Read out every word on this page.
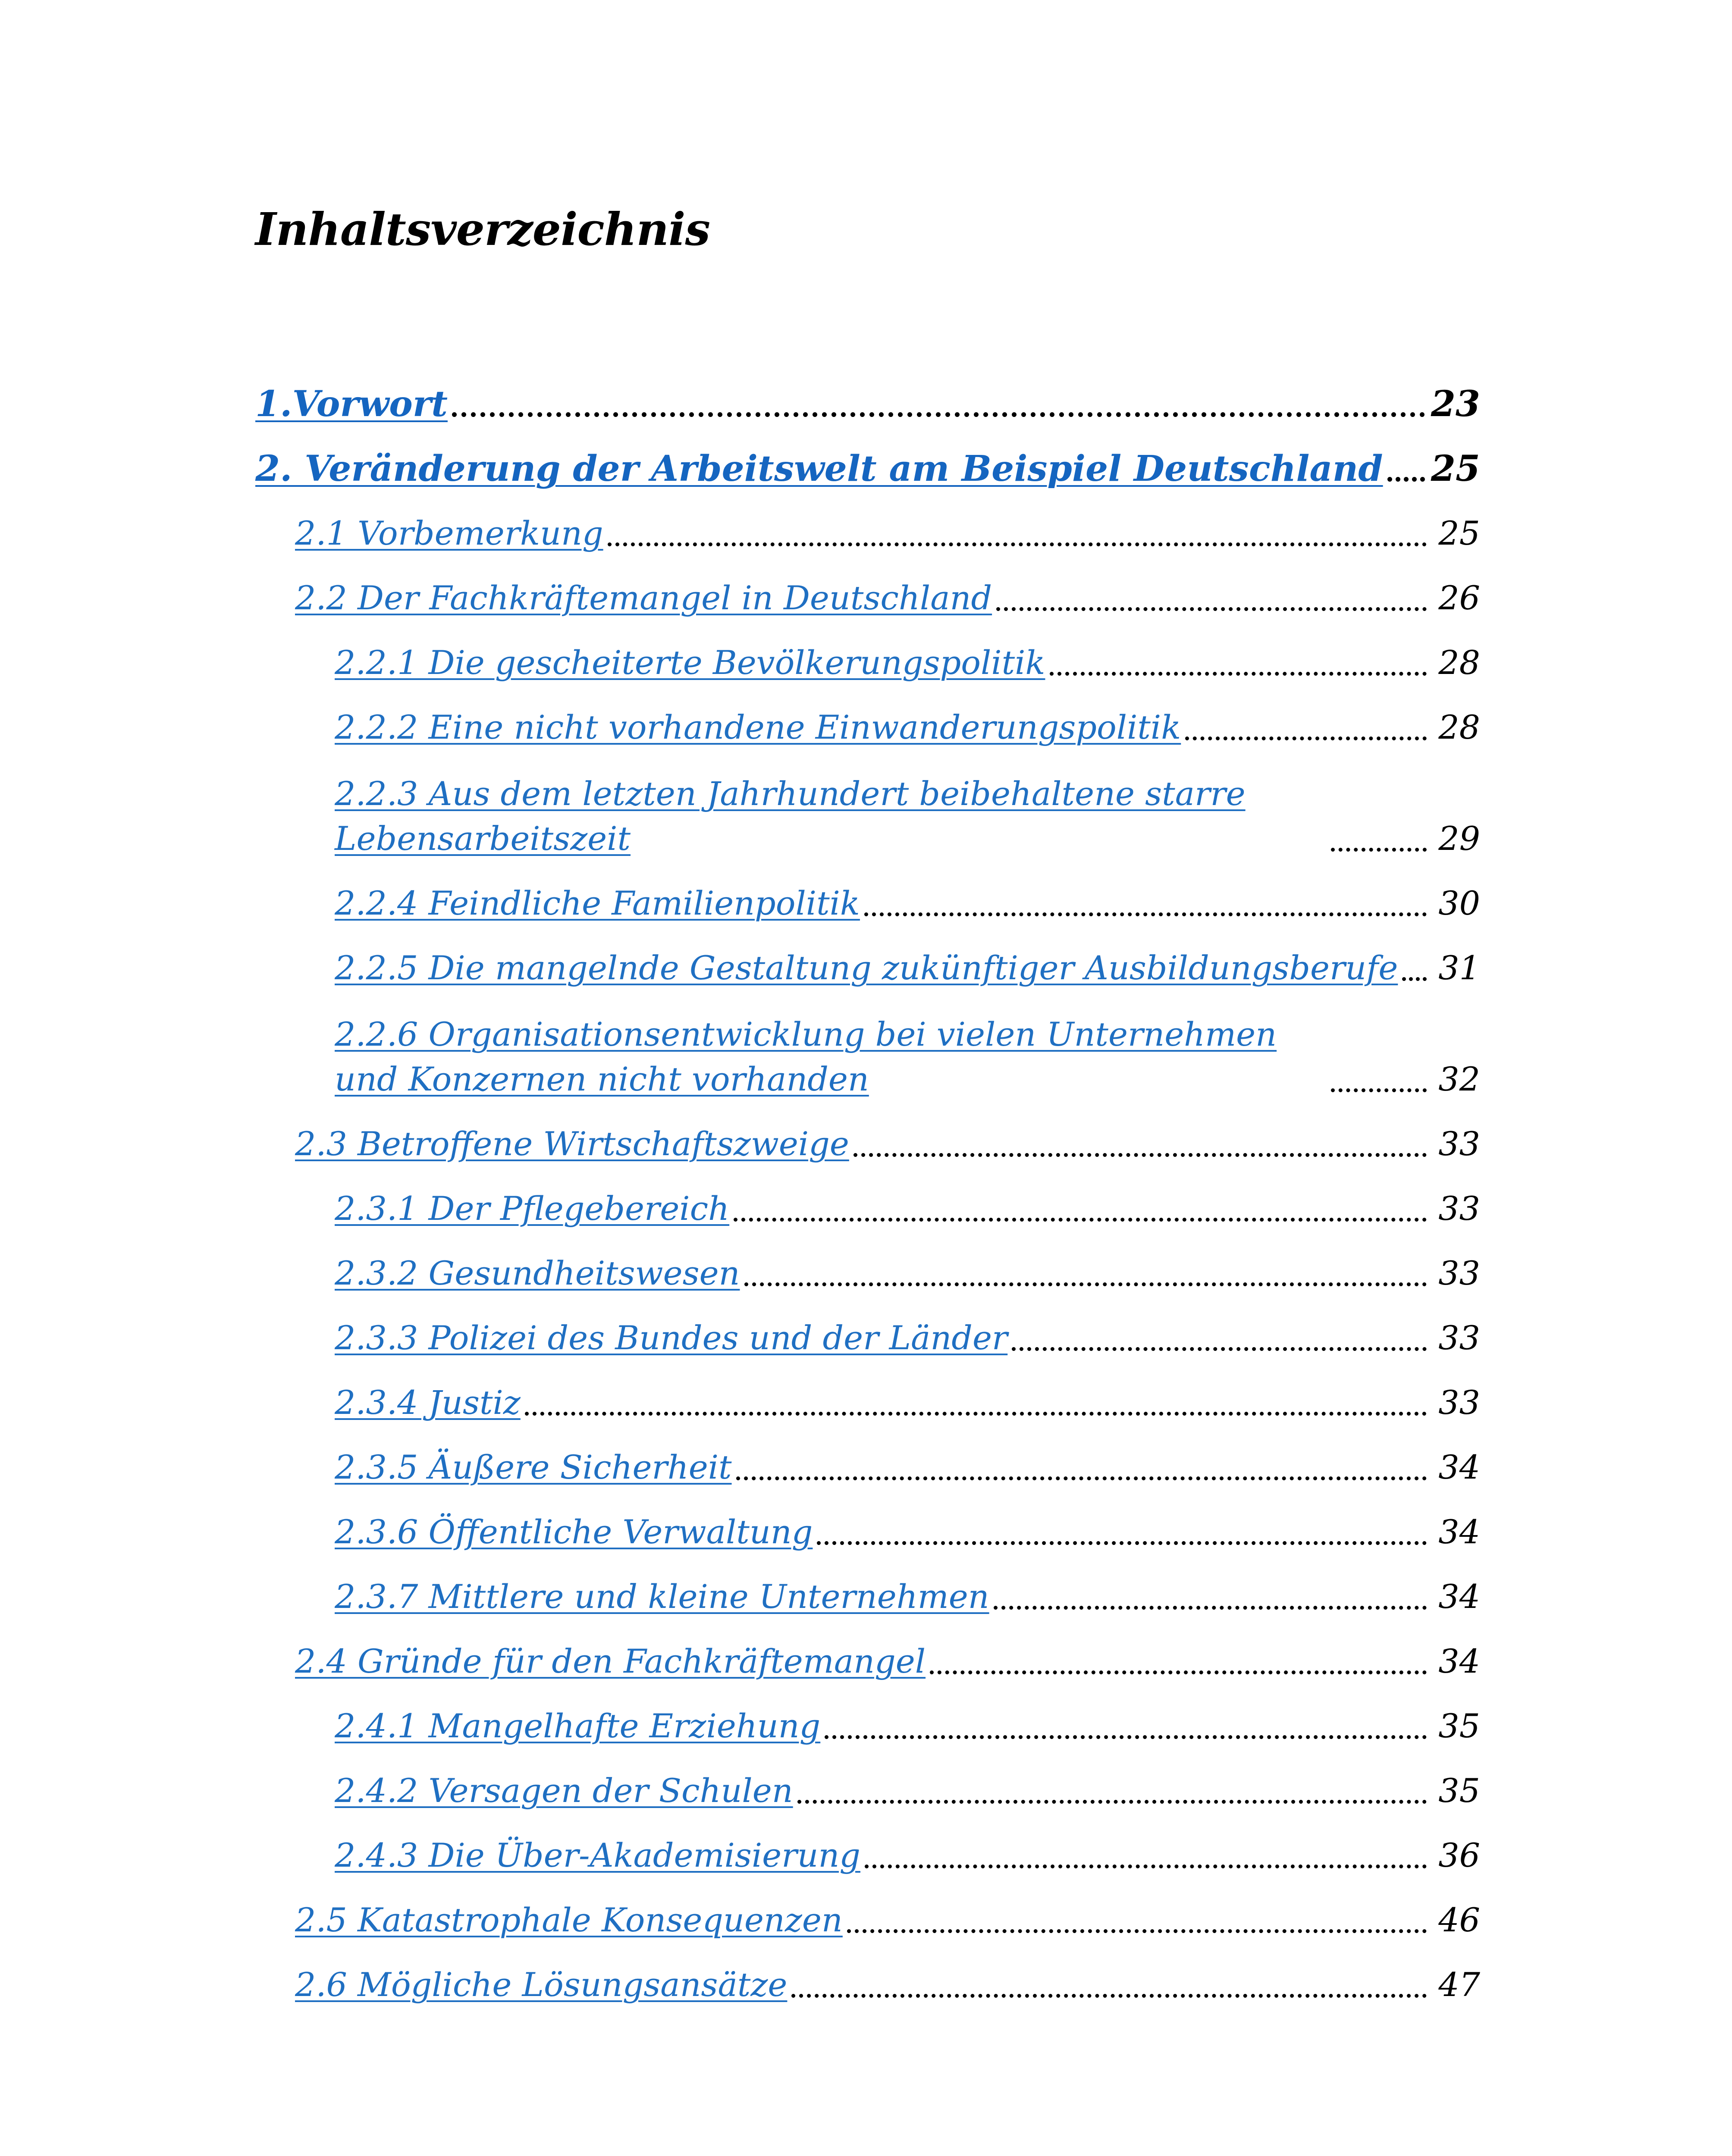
Inhaltsverzeichnis
1.Vorwort	23
2. Veränderung der Arbeitswelt am Beispiel Deutschland 25
2.1 Vorbemerkung	25
2.2 Der Fachkräftemangel in Deutschland	26
2.2.1 Die gescheiterte Bevölkerungspolitik	28
2.2.2 Eine nicht vorhandene Einwanderungspolitik	28
2.2.3 Aus dem letzten Jahrhundert beibehaltene starre Lebensarbeitszeit	29
2.2.4 Feindliche Familienpolitik	30
2.2.5 Die mangelnde Gestaltung zukünftiger Ausbildungsberufe 31
2.2.6 Organisationsentwicklung bei vielen Unternehmen und Konzernen nicht vorhanden	32
2.3 Betroffene Wirtschaftszweige	33
2.3.1 Der Pflegebereich	33
2.3.2 Gesundheitswesen	33
2.3.3 Polizei des Bundes und der Länder	33
2.3.4 Justiz	33
2.3.5 Äußere Sicherheit	34
2.3.6 Öffentliche Verwaltung	34
2.3.7 Mittlere und kleine Unternehmen	34
2.4 Gründe für den Fachkräftemangel	34
2.4.1 Mangelhafte Erziehung	35
2.4.2 Versagen der Schulen	35
2.4.3 Die Über-Akademisierung	36
2.5 Katastrophale Konsequenzen	46
2.6 Mögliche Lösungsansätze	47
